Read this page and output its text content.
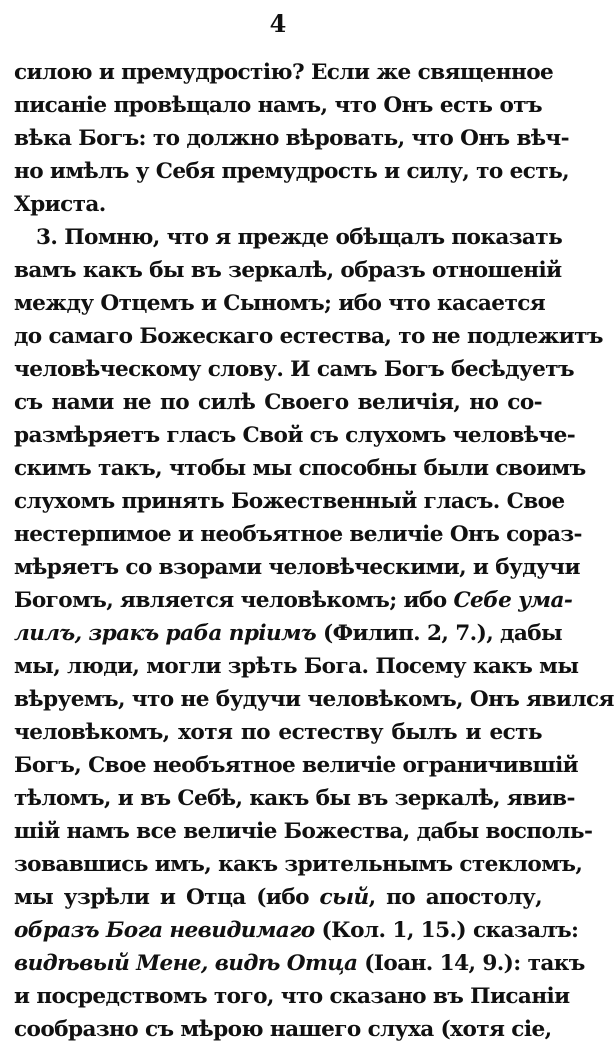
4
силою и премудростію? Если же священное
писаніе провѣщало намъ, что Онъ есть отъ
вѣка Богъ: то должно вѣровать, что Онъ вѣч-
но имѣлъ у Себя премудрость и силу, то есть,
Христа.
3. Помню, что я прежде обѣщалъ показать
вамъ какъ бы въ зеркалѣ, образъ отношеній
между Отцемъ и Сыномъ; ибо что касается
до самаго Божескаго естества, то не подлежитъ
человѣческому слову. И самъ Богъ бесѣдуетъ
съ нами не по силѣ Своего величія, но со-
размѣряетъ гласъ Свой съ слухомъ человѣче-
скимъ такъ, чтобы мы способны были своимъ
слухомъ принять Божественный гласъ. Свое
нестерпимое и необъятное величіе Онъ сораз-
мѣряетъ со взорами человѣческими, и будучи
Богомъ, является человѣкомъ; ибо Себе ума-
лилъ, зракъ раба пріимъ (Филип. 2, 7.), дабы
мы, люди, могли зрѣть Бога. Посему какъ мы
вѣруемъ, что не будучи человѣкомъ, Онъ явился
человѣкомъ, хотя по естеству былъ и есть
Богъ, Свое необъятное величіе ограничившій
тѣломъ, и въ Себѣ, какъ бы въ зеркалѣ, явив-
шій намъ все величіе Божества, дабы восполь-
зовавшись имъ, какъ зрительнымъ стекломъ,
мы узрѣли и Отца (ибо сый, по апостолу,
образъ Бога невидимаго (Кол. 1, 15.) сказалъ:
видѣвый Мене, видѣ Отца (Іоан. 14, 9.): такъ
и посредствомъ того, что сказано въ Писаніи
сообразно съ мѣрою нашего слуха (хотя сіе,
